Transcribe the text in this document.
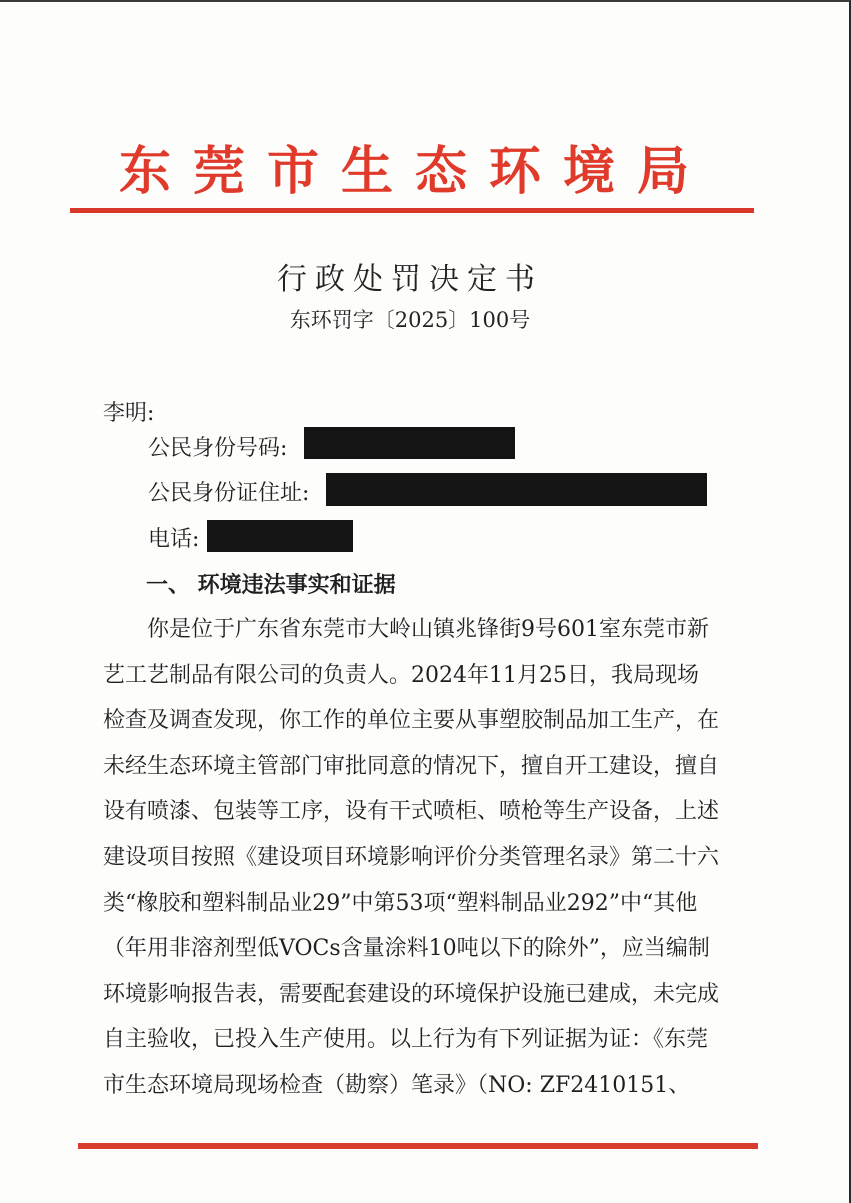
东莞市生态环境局
行政处罚决定书
东环罚字〔2025〕100号
李明:
公民身份号码:
公民身份证住址:
电话:
一、 环境违法事实和证据
你是位于广东省东莞市大岭山镇兆锋街9号601室东莞市新
艺工艺制品有限公司的负责人。2024年11月25日，我局现场
检查及调查发现，你工作的单位主要从事塑胶制品加工生产，在
未经生态环境主管部门审批同意的情况下，擅自开工建设，擅自
设有喷漆、包装等工序，设有干式喷柜、喷枪等生产设备，上述
建设项目按照《建设项目环境影响评价分类管理名录》第二十六
类“橡胶和塑料制品业29”中第53项“塑料制品业292”中“其他
（年用非溶剂型低VOCs含量涂料10吨以下的除外”，应当编制
环境影响报告表，需要配套建设的环境保护设施已建成，未完成
自主验收，已投入生产使用。以上行为有下列证据为证：《东莞
市生态环境局现场检查（勘察）笔录》（NO: ZF2410151、
